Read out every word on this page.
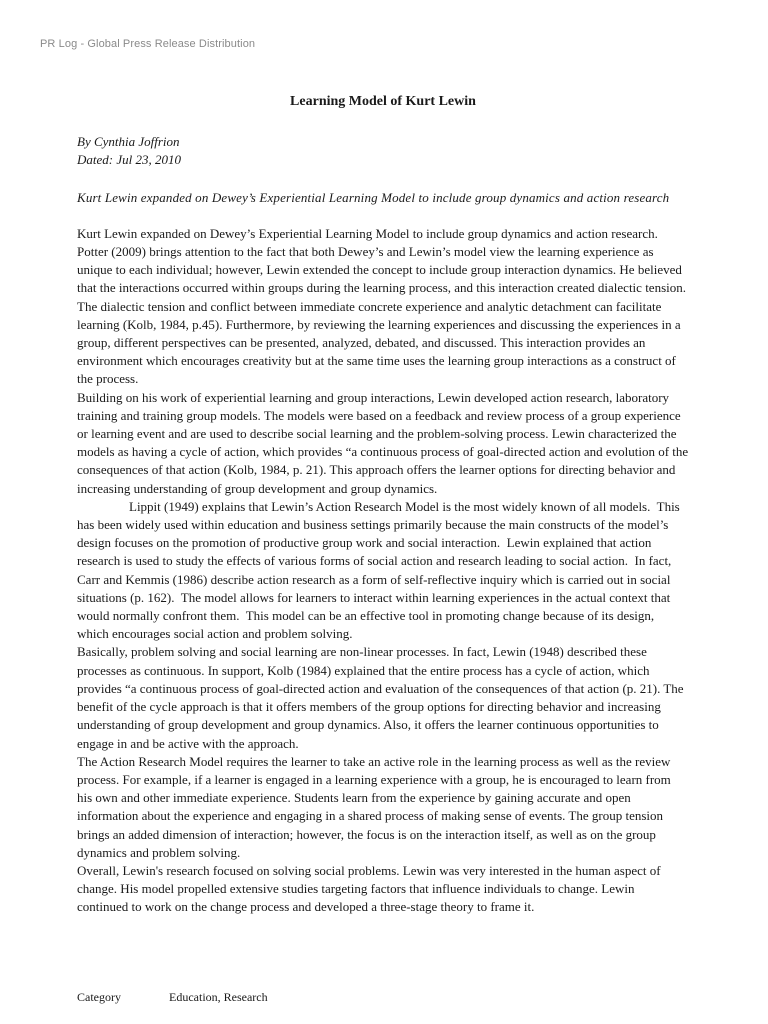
PR Log - Global Press Release Distribution

Learning Model of Kurt Lewin

By Cynthia Joffrion

Dated: Jul 23, 2010

Kurt Lewin expanded on Dewey’s Experiential Learning Model to include group dynamics and action research

Kurt Lewin expanded on Dewey’s Experiential Learning Model to include group dynamics and action research. Potter (2009) brings attention to the fact that both Dewey’s and Lewin’s model view the learning experience as unique to each individual; however, Lewin extended the concept to include group interaction dynamics. He believed that the interactions occurred within groups during the learning process, and this interaction created dialectic tension. The dialectic tension and conflict between immediate concrete experience and analytic detachment can facilitate learning (Kolb, 1984, p.45). Furthermore, by reviewing the learning experiences and discussing the experiences in a group, different perspectives can be presented, analyzed, debated, and discussed. This interaction provides an environment which encourages creativity but at the same time uses the learning group interactions as a construct of the process.

Building on his work of experiential learning and group interactions, Lewin developed action research, laboratory training and training group models. The models were based on a feedback and review process of a group experience or learning event and are used to describe social learning and the problem-solving process. Lewin characterized the models as having a cycle of action, which provides “a continuous process of goal-directed action and evolution of the consequences of that action (Kolb, 1984, p. 21). This approach offers the learner options for directing behavior and increasing understanding of group development and group dynamics.

Lippit (1949) explains that Lewin’s Action Research Model is the most widely known of all models.  This has been widely used within education and business settings primarily because the main constructs of the model’s design focuses on the promotion of productive group work and social interaction.  Lewin explained that action research is used to study the effects of various forms of social action and research leading to social action.  In fact, Carr and Kemmis (1986) describe action research as a form of self-reflective inquiry which is carried out in social situations (p. 162).  The model allows for learners to interact within learning experiences in the actual context that would normally confront them.  This model can be an effective tool in promoting change because of its design, which encourages social action and problem solving.

Basically, problem solving and social learning are non-linear processes. In fact, Lewin (1948) described these processes as continuous. In support, Kolb (1984) explained that the entire process has a cycle of action, which provides “a continuous process of goal-directed action and evaluation of the consequences of that action (p. 21). The benefit of the cycle approach is that it offers members of the group options for directing behavior and increasing understanding of group development and group dynamics. Also, it offers the learner continuous opportunities to engage in and be active with the approach.

The Action Research Model requires the learner to take an active role in the learning process as well as the review process. For example, if a learner is engaged in a learning experience with a group, he is encouraged to learn from his own and other immediate experience. Students learn from the experience by gaining accurate and open information about the experience and engaging in a shared process of making sense of events. The group tension brings an added dimension of interaction; however, the focus is on the interaction itself, as well as on the group dynamics and problem solving.

Overall, Lewin's research focused on solving social problems. Lewin was very interested in the human aspect of change. His model propelled extensive studies targeting factors that influence individuals to change. Lewin continued to work on the change process and developed a three-stage theory to frame it.

Category	Education, Research
